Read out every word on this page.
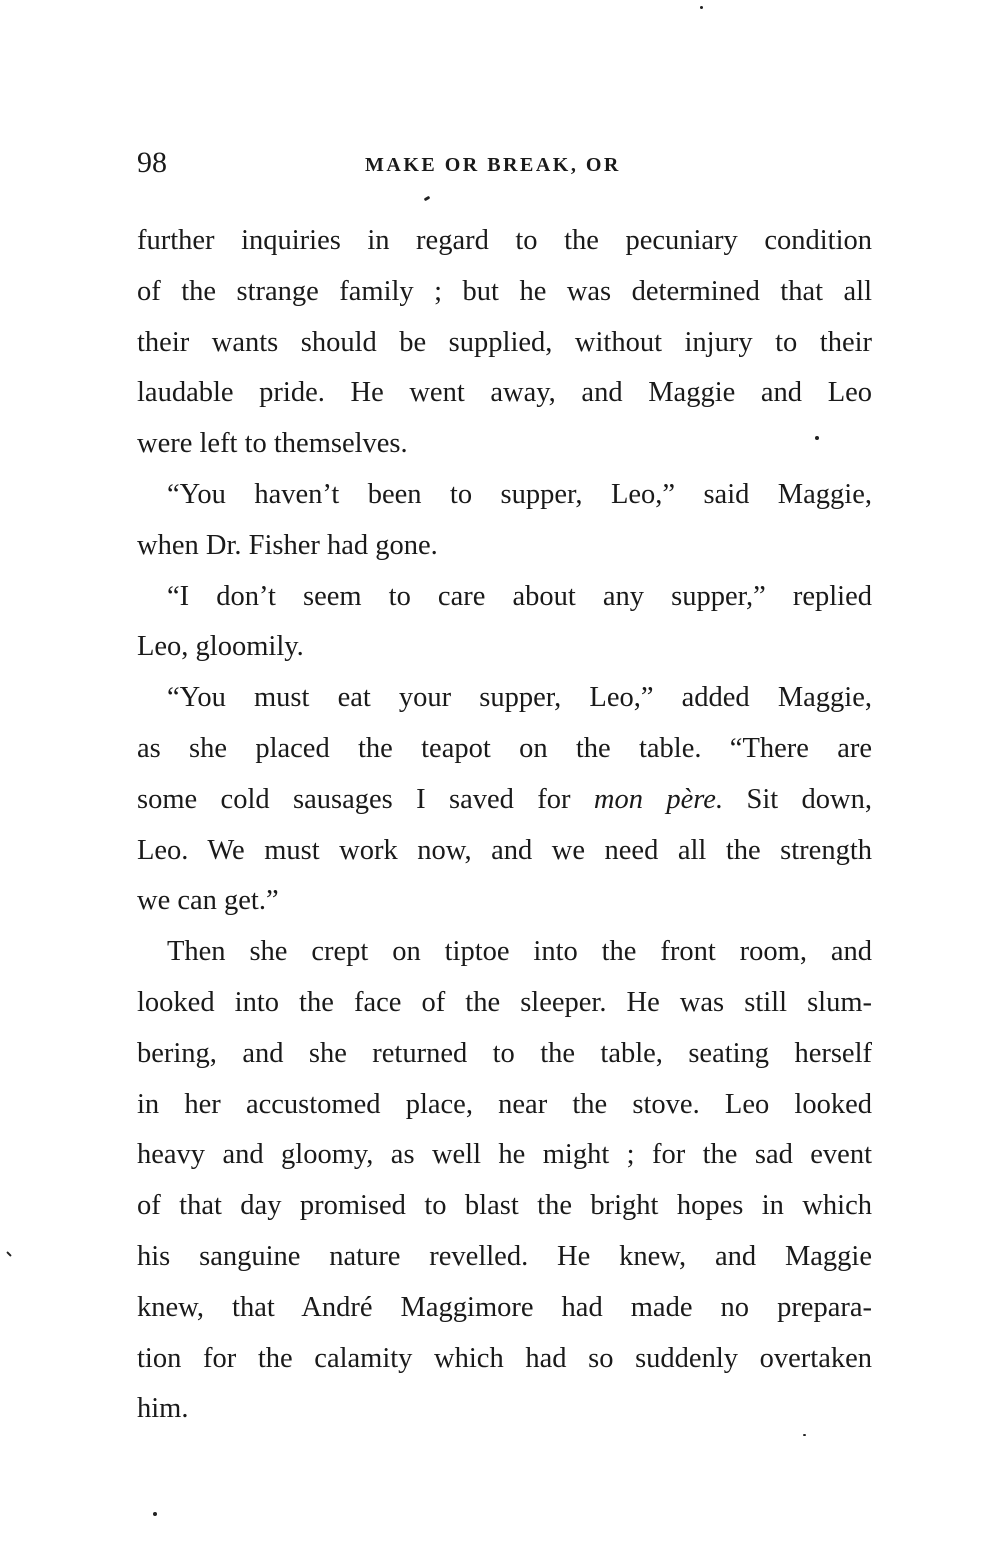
98	MAKE OR BREAK, OR
further inquiries in regard to the pecuniary condition
of the strange family ; but he was determined that all
their wants should be supplied, without injury to their
laudable pride. He went away, and Maggie and Leo
were left to themselves.
“You haven’t been to supper, Leo,” said Maggie,
when Dr. Fisher had gone.
“I don’t seem to care about any supper,” replied
Leo, gloomily.
“You must eat your supper, Leo,” added Maggie,
as she placed the teapot on the table. “There are
some cold sausages I saved for mon père. Sit down,
Leo. We must work now, and we need all the strength
we can get.”
Then she crept on tiptoe into the front room, and
looked into the face of the sleeper. He was still slum-
bering, and she returned to the table, seating herself
in her accustomed place, near the stove. Leo looked
heavy and gloomy, as well he might ; for the sad event
of that day promised to blast the bright hopes in which
his sanguine nature revelled. He knew, and Maggie
knew, that André Maggimore had made no prepara-
tion for the calamity which had so suddenly overtaken
him.
